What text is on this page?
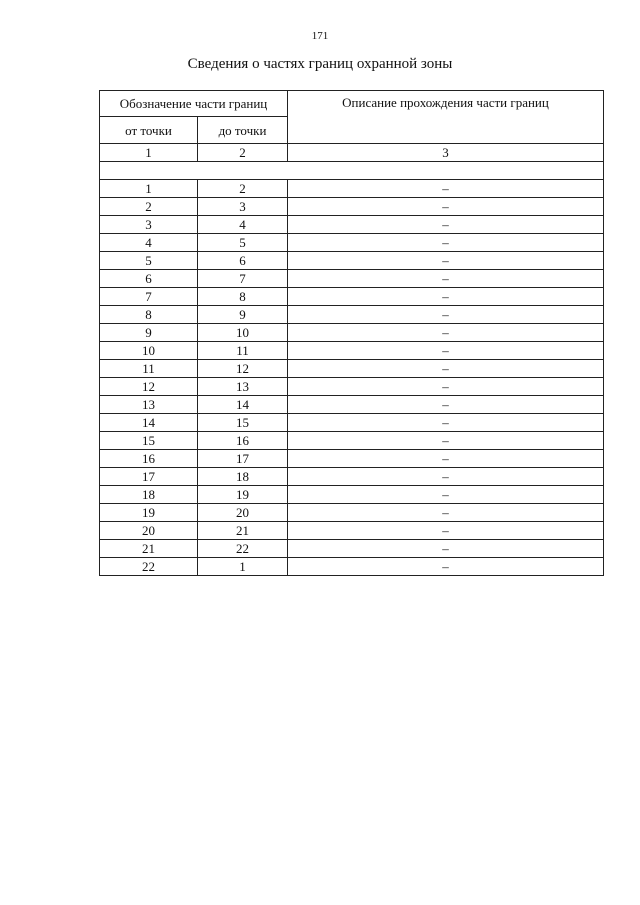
171
Сведения о частях границ охранной зоны
Обозначение части границ		Описание прохождения части границ
от точки	до точки	
1	2	3

1	2	–
2	3	–
3	4	–
4	5	–
5	6	–
6	7	–
7	8	–
8	9	–
9	10	–
10	11	–
11	12	–
12	13	–
13	14	–
14	15	–
15	16	–
16	17	–
17	18	–
18	19	–
19	20	–
20	21	–
21	22	–
22	1	–
